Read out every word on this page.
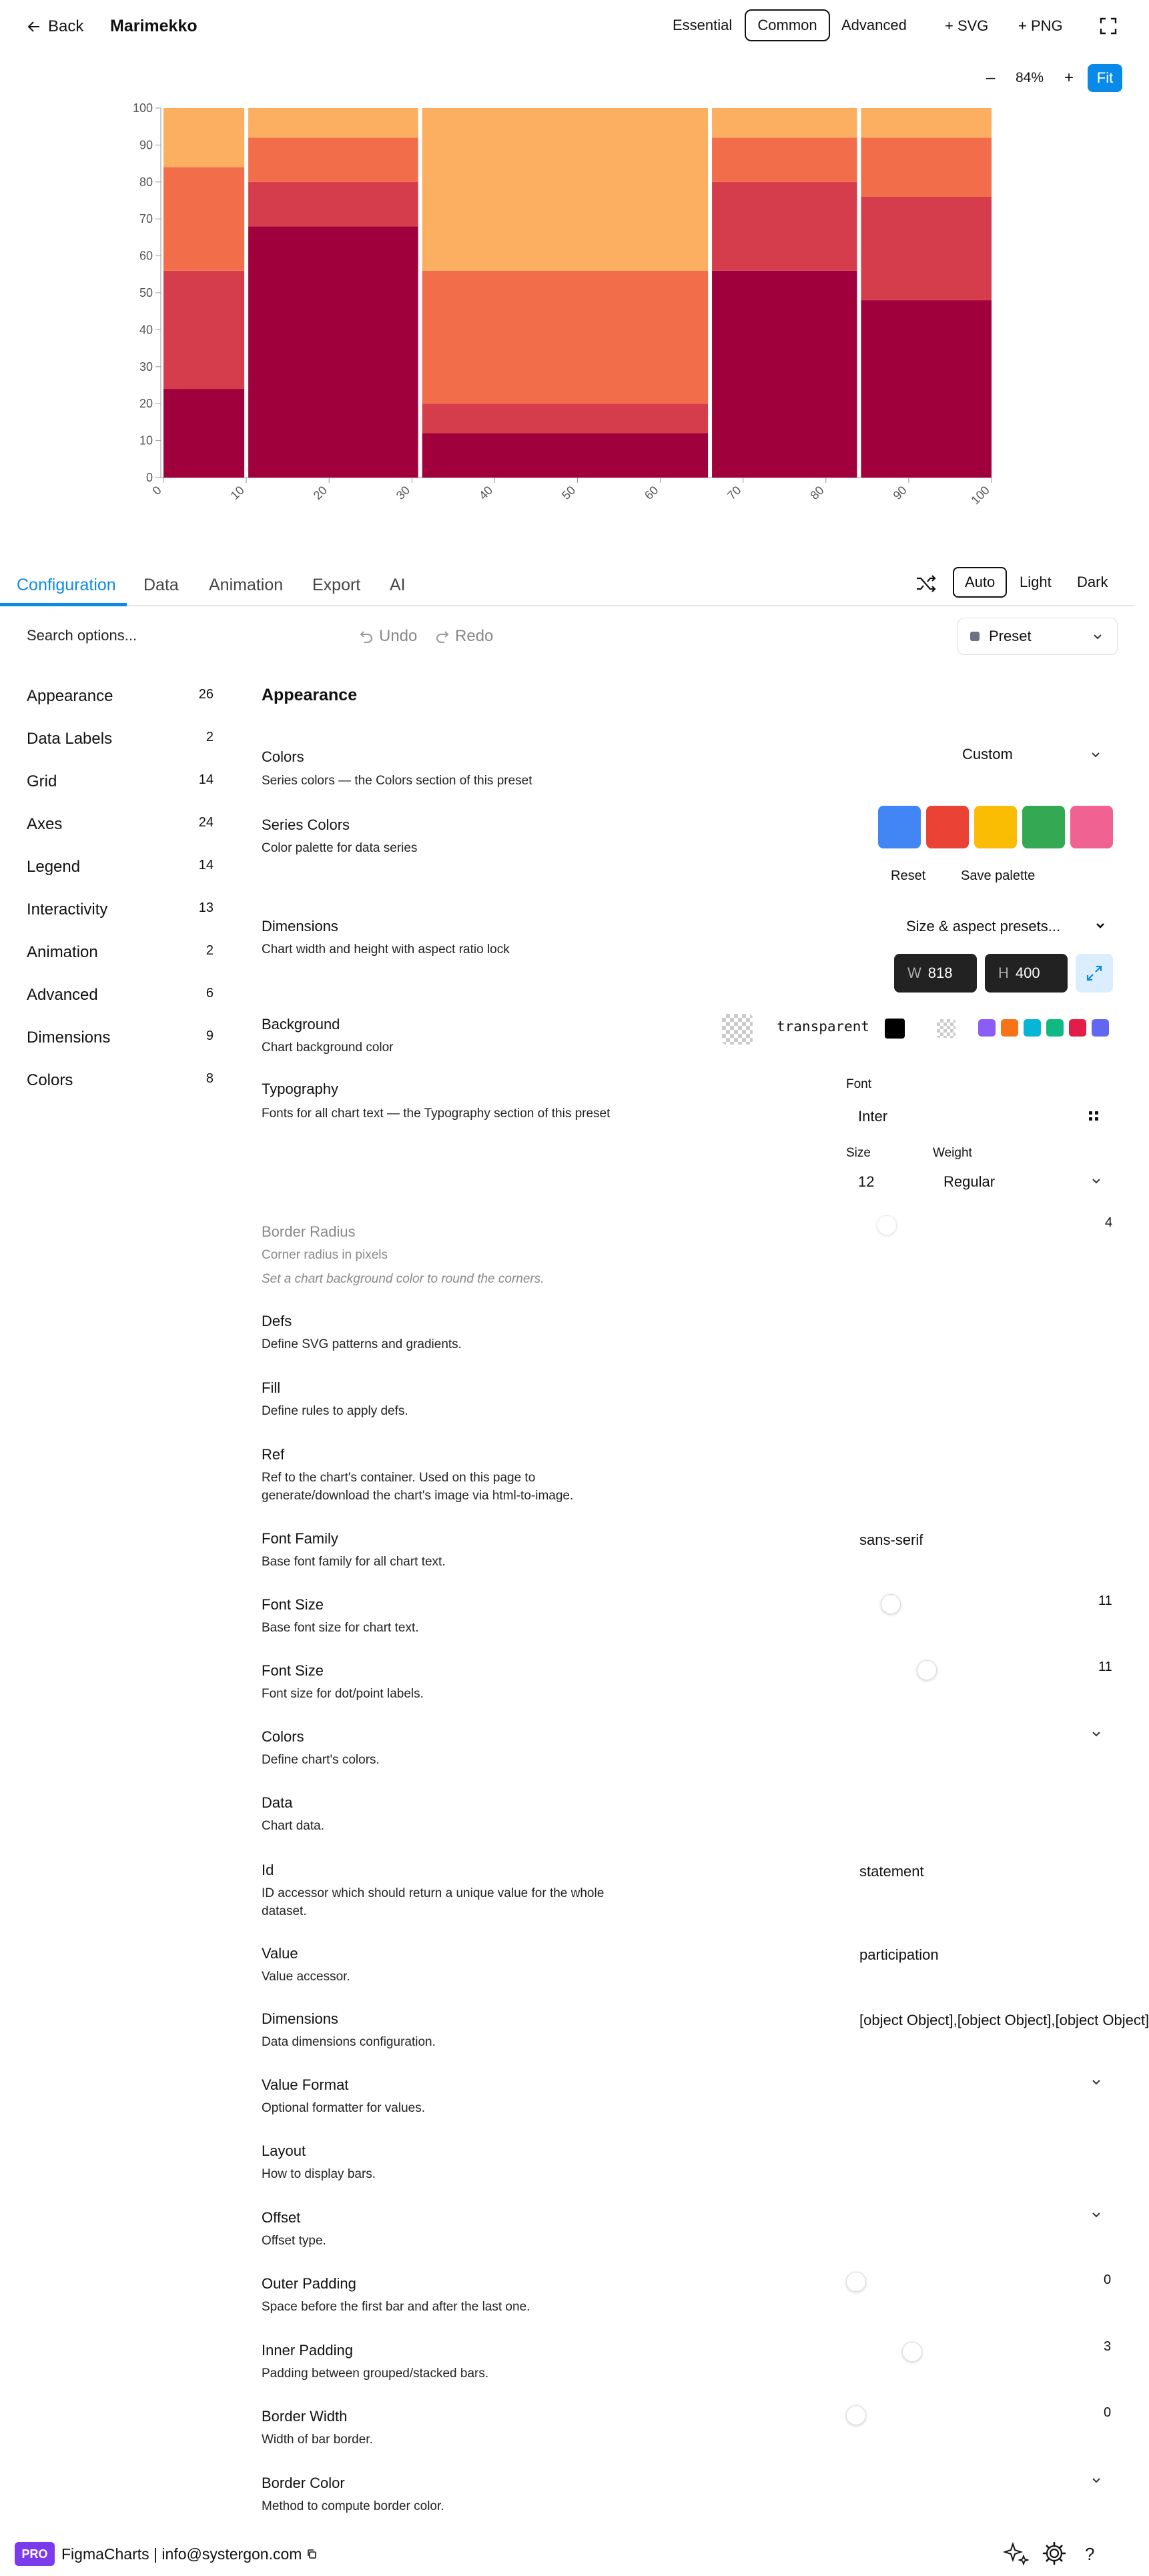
Back Marimekko	Essential	Common	Advanced	+ SVG + PNG
– 84% +	Fit
0
10
20
30
40
50
60
70
80
90
100
0	10	20	30	40	50	60	70	80	90	100
Configuration Data Animation Export AI	Auto	Light	Dark
Search options...	Undo Redo	Preset
Appearance	26
Data Labels	2
Grid	14
Axes	24
Legend	14
Interactivity	13
Animation	2
Advanced	6
Dimensions	9
Colors	8
Appearance
Colors
Series colors — the Colors section of this preset
Custom
Series Colors
Color palette for data series
Reset	Save palette
Dimensions
Chart width and height with aspect ratio lock
Size & aspect presets...
W 818	H 400
Background
Chart background color
transparent
Typography
Fonts for all chart text — the Typography section of this preset
Font
Inter
Size	Weight
12	Regular
Border Radius
Corner radius in pixels
Set a chart background color to round the corners.
4
Defs
Define SVG patterns and gradients.
Fill
Define rules to apply defs.
Ref
Ref to the chart's container. Used on this page to generate/download the chart's image via html-to-image.
Font Family
Base font family for all chart text.
sans-serif
Font Size
Base font size for chart text.
11
Font Size
Font size for dot/point labels.
11
Colors
Define chart's colors.
Data
Chart data.
Id
ID accessor which should return a unique value for the whole dataset.
statement
Value
Value accessor.
participation
Dimensions
Data dimensions configuration.
[object Object],[object Object],[object Object]
Value Format
Optional formatter for values.
Layout
How to display bars.
Offset
Offset type.
Outer Padding
Space before the first bar and after the last one.
0
Inner Padding
Padding between grouped/stacked bars.
3
Border Width
Width of bar border.
0
Border Color
Method to compute border color.
PRO FigmaCharts | info@systergon.com	?
